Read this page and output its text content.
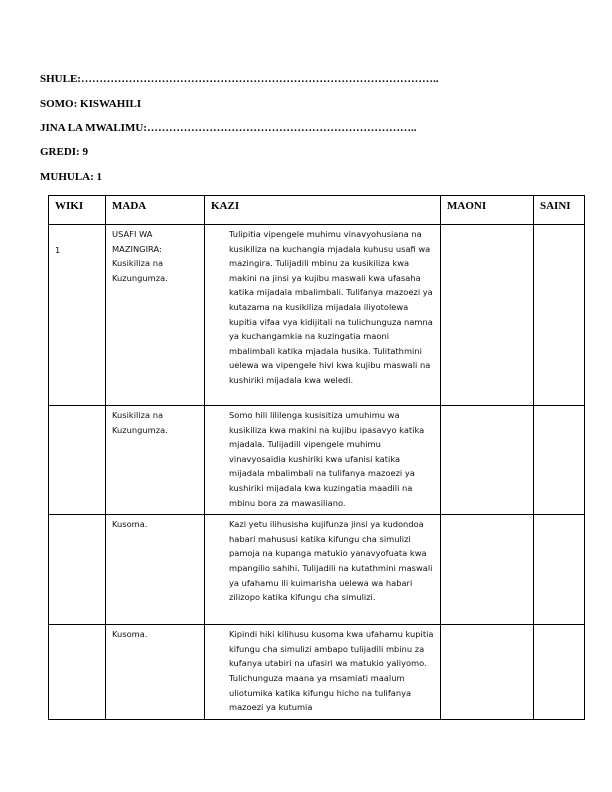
SHULE:……………………………………………………………………………………..
SOMO: KISWAHILI
JINA LA MWALIMU:………………………………………………………………..
GREDI: 9
MUHULA: 1
WIKI	MADA	KAZI	MAONI	SAINI
1	USAFI WA MAZINGIRA: Kusikiliza na Kuzungumza.	Tulipitia vipengele muhimu vinavyohusiana na kusikiliza na kuchangia mjadala kuhusu usafi wa mazingira. Tulijadili mbinu za kusikiliza kwa makini na jinsi ya kujibu maswali kwa ufasaha katika mijadala mbalimbali. Tulifanya mazoezi ya kutazama na kusikiliza mijadala iliyotolewa kupitia vifaa vya kidijitali na tulichunguza namna ya kuchangamkia na kuzingatia maoni mbalimbali katika mjadala husika. Tulitathmini uelewa wa vipengele hivi kwa kujibu maswali na kushiriki mijadala kwa weledi.		
	Kusikiliza na Kuzungumza.	Somo hili lililenga kusisitiza umuhimu wa kusikiliza kwa makini na kujibu ipasavyo katika mjadala. Tulijadili vipengele muhimu vinavyosaidia kushiriki kwa ufanisi katika mijadala mbalimbali na tulifanya mazoezi ya kushiriki mijadala kwa kuzingatia maadili na mbinu bora za mawasiliano.		
	Kusoma.	Kazi yetu ilihusisha kujifunza jinsi ya kudondoa habari mahususi katika kifungu cha simulizi pamoja na kupanga matukio yanavyofuata kwa mpangilio sahihi. Tulijadili na kutathmini maswali ya ufahamu ili kuimarisha uelewa wa habari zilizopo katika kifungu cha simulizi.		
	Kusoma.	Kipindi hiki kilihusu kusoma kwa ufahamu kupitia kifungu cha simulizi ambapo tulijadili mbinu za kufanya utabiri na ufasiri wa matukio yaliyomo. Tulichunguza maana ya msamiati maalum uliotumika katika kifungu hicho na tulifanya mazoezi ya kutumia		
